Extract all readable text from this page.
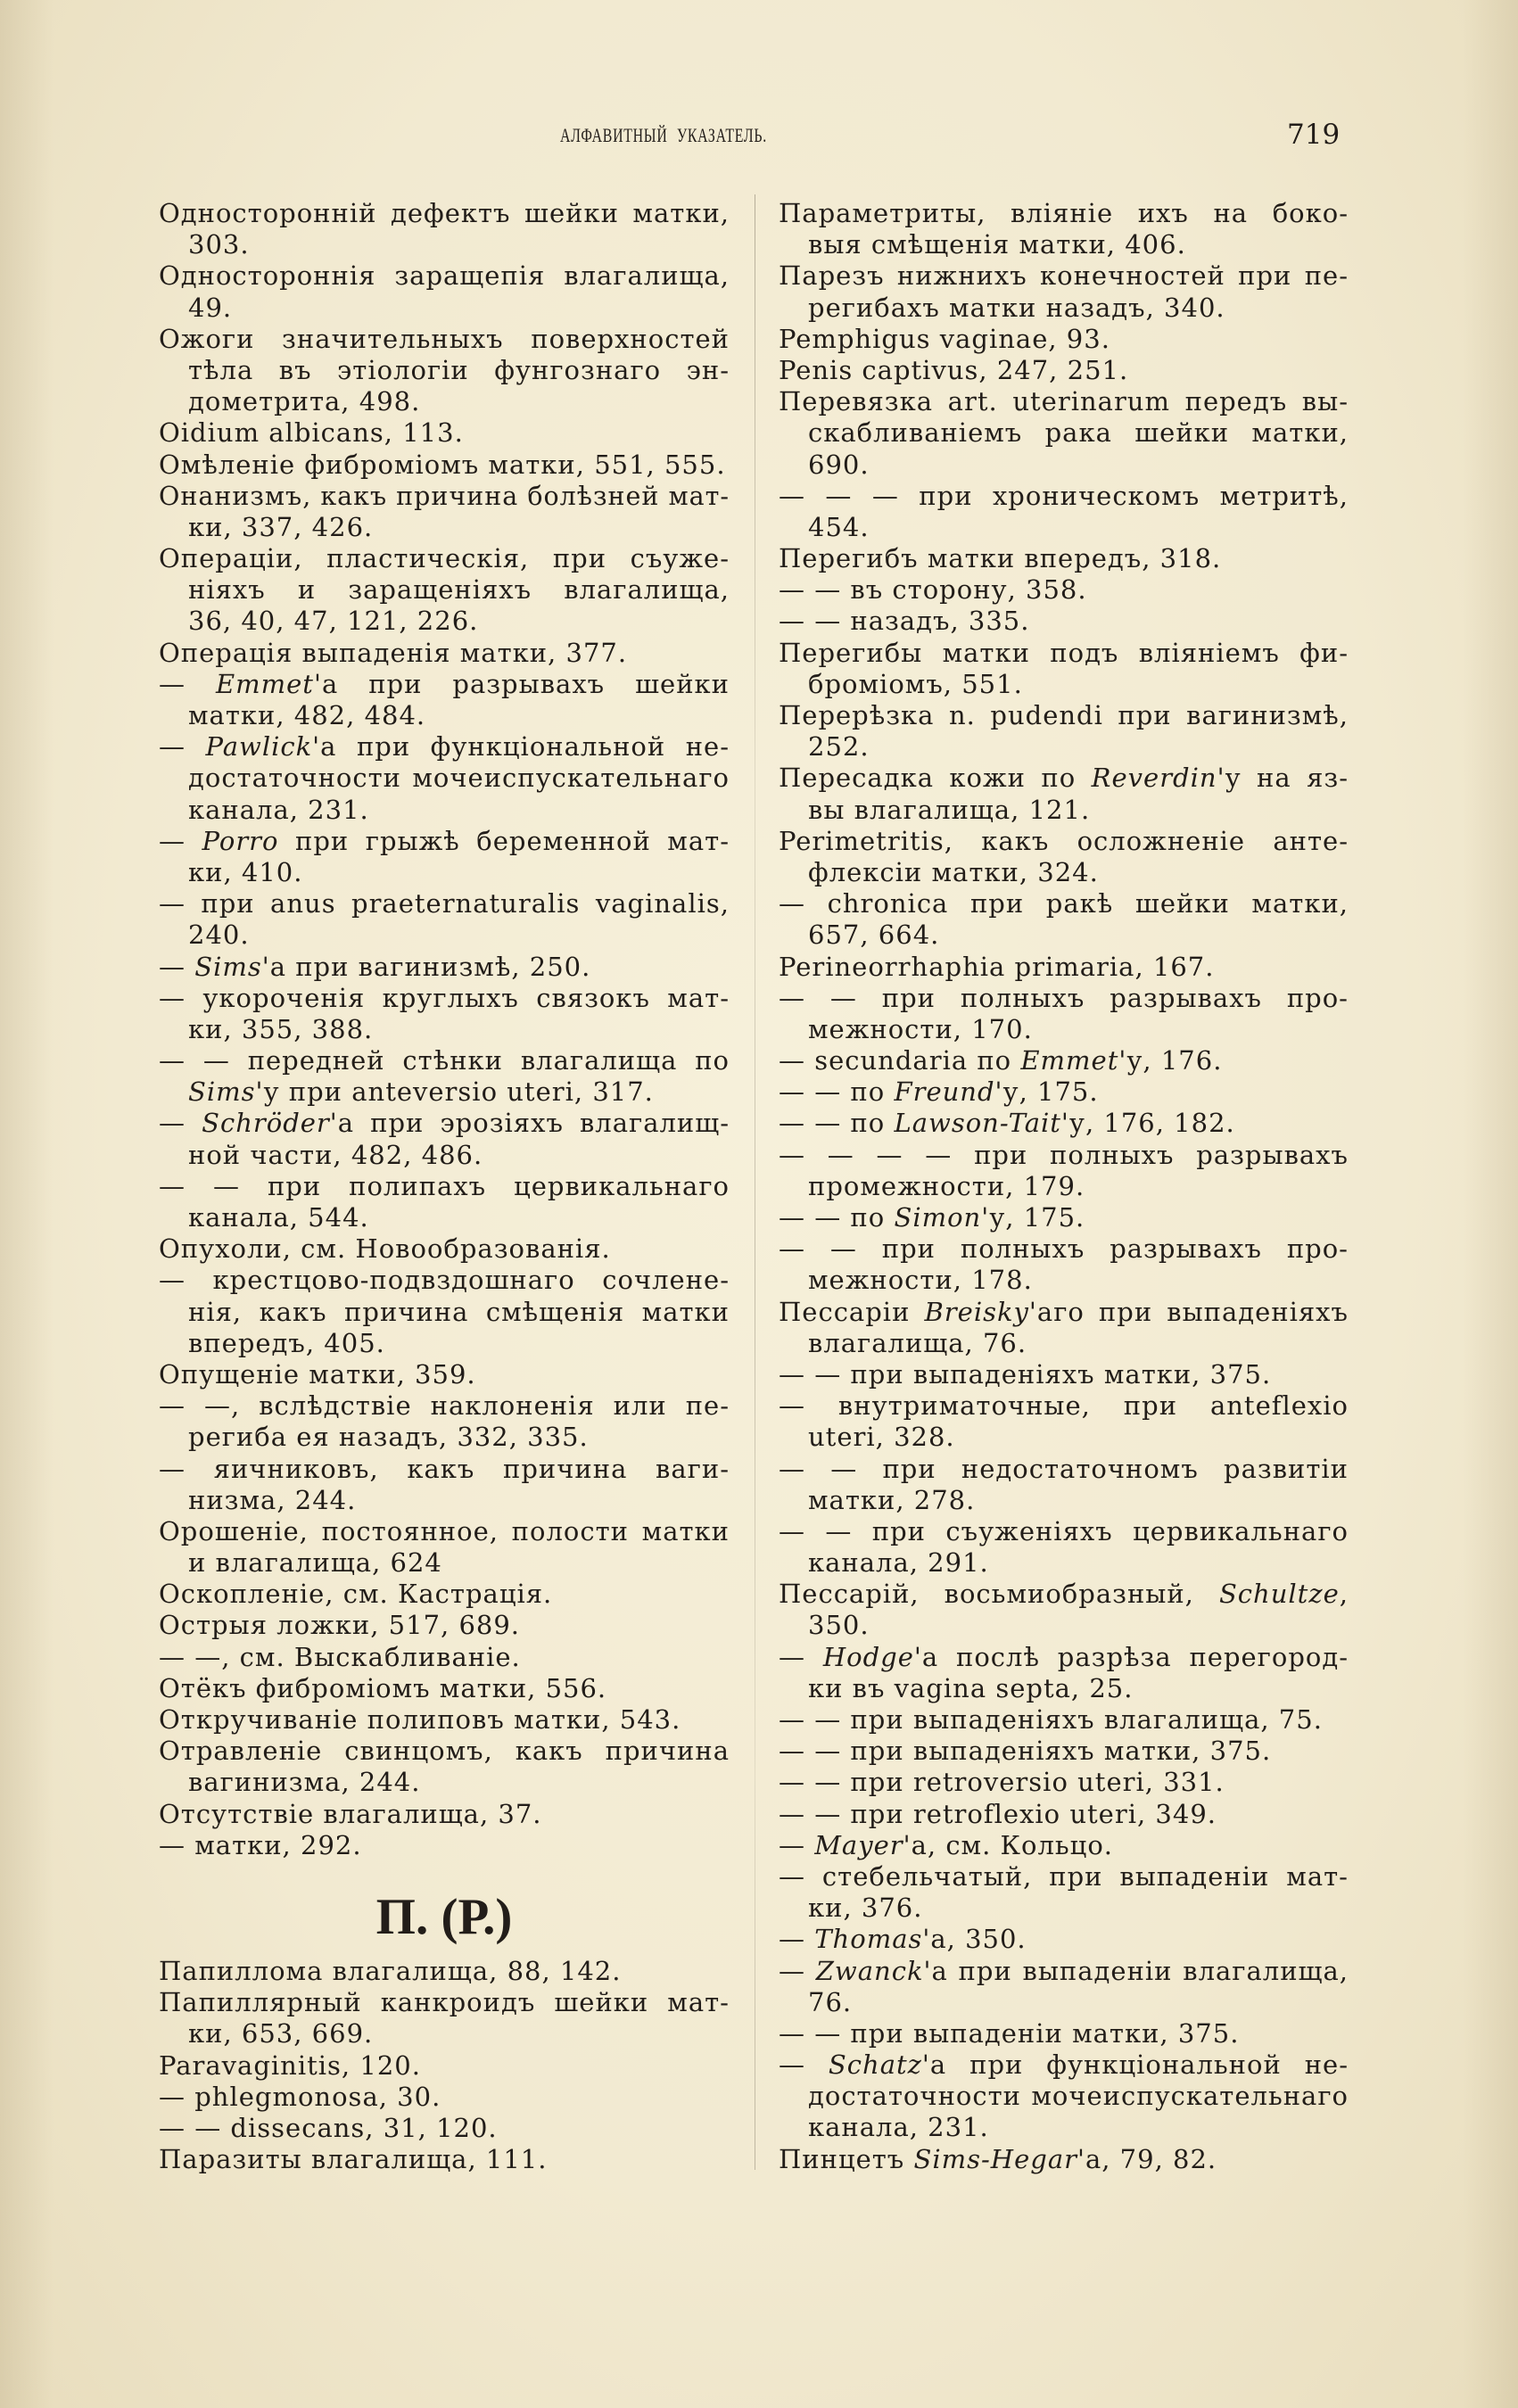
АЛФАВИТНЫЙ УКАЗАТЕЛЬ.	719
Односторонній дефектъ шейки матки,
303.
Одностороннія заращепія влагалища,
49.
Ожоги значительныхъ поверхностей
тѣла въ этіологіи фунгознаго эн-
дометрита, 498.
Oidium albicans, 113.
Омѣленіе фиброміомъ матки, 551, 555.
Онанизмъ, какъ причина болѣзней мат-
ки, 337, 426.
Операціи, пластическія, при съуже-
ніяхъ и заращеніяхъ влагалища,
36, 40, 47, 121, 226.
Операція выпаденія матки, 377.
— Emmet'а при разрывахъ шейки
матки, 482, 484.
— Pawlick'а при функціональной не-
достаточности мочеиспускательнаго
канала, 231.
— Porro при грыжѣ беременной мат-
ки, 410.
— при anus praeternaturalis vaginalis,
240.
— Sims'а при вагинизмѣ, 250.
— укороченія круглыхъ связокъ мат-
ки, 355, 388.
— — передней стѣнки влагалища по
Sims'у при anteversio uteri, 317.
— Schröder'а при эрозіяхъ влагалищ-
ной части, 482, 486.
— — при полипахъ цервикальнаго
канала, 544.
Опухоли, см. Новообразованія.
— крестцово-подвздошнаго сочлене-
нія, какъ причина смѣщенія матки
впередъ, 405.
Опущеніе матки, 359.
— —, вслѣдствіе наклоненія или пе-
региба ея назадъ, 332, 335.
— яичниковъ, какъ причина ваги-
низма, 244.
Орошеніе, постоянное, полости матки
и влагалища, 624
Оскопленіе, см. Кастрація.
Острыя ложки, 517, 689.
— —, см. Выскабливаніе.
Отёкъ фиброміомъ матки, 556.
Откручиваніе полиповъ матки, 543.
Отравленіе свинцомъ, какъ причина
вагинизма, 244.
Отсутствіе влагалища, 37.
— матки, 292.
П. (Р.)
Папиллома влагалища, 88, 142.
Папиллярный канкроидъ шейки мат-
ки, 653, 669.
Paravaginitis, 120.
— phlegmonosa, 30.
— — dissecans, 31, 120.
Паразиты влагалища, 111.
Параметриты, вліяніе ихъ на боко-
выя смѣщенія матки, 406.
Парезъ нижнихъ конечностей при пе-
регибахъ матки назадъ, 340.
Pemphigus vaginae, 93.
Penis captivus, 247, 251.
Перевязка art. uterinarum передъ вы-
скабливаніемъ рака шейки матки,
690.
— — — при хроническомъ метритѣ,
454.
Перегибъ матки впередъ, 318.
— — въ сторону, 358.
— — назадъ, 335.
Перегибы матки подъ вліяніемъ фи-
броміомъ, 551.
Перерѣзка n. pudendi при вагинизмѣ,
252.
Пересадка кожи по Reverdin'у на яз-
вы влагалища, 121.
Perimetritis, какъ осложненіе анте-
флексіи матки, 324.
— chronica при ракѣ шейки матки,
657, 664.
Perineorrhaphia primaria, 167.
— — при полныхъ разрывахъ про-
межности, 170.
— secundaria по Emmet'у, 176.
— — по Freund'у, 175.
— — по Lawson-Tait'у, 176, 182.
— — — — при полныхъ разрывахъ
промежности, 179.
— — по Simon'у, 175.
— — при полныхъ разрывахъ про-
межности, 178.
Пессаріи Breisky'аго при выпаденіяхъ
влагалища, 76.
— — при выпаденіяхъ матки, 375.
— внутриматочные, при anteflexio
uteri, 328.
— — при недостаточномъ развитіи
матки, 278.
— — при съуженіяхъ цервикальнаго
канала, 291.
Пессарій, восьмиобразный, Schultze,
350.
— Hodge'а послѣ разрѣза перегород-
ки въ vagina septa, 25.
— — при выпаденіяхъ влагалища, 75.
— — при выпаденіяхъ матки, 375.
— — при retroversio uteri, 331.
— — при retroflexio uteri, 349.
— Mayer'а, см. Кольцо.
— стебельчатый, при выпаденіи мат-
ки, 376.
— Thomas'а, 350.
— Zwanck'а при выпаденіи влагалища,
76.
— — при выпаденіи матки, 375.
— Schatz'а при функціональной не-
достаточности мочеиспускательнаго
канала, 231.
Пинцетъ Sims-Hegar'а, 79, 82.
